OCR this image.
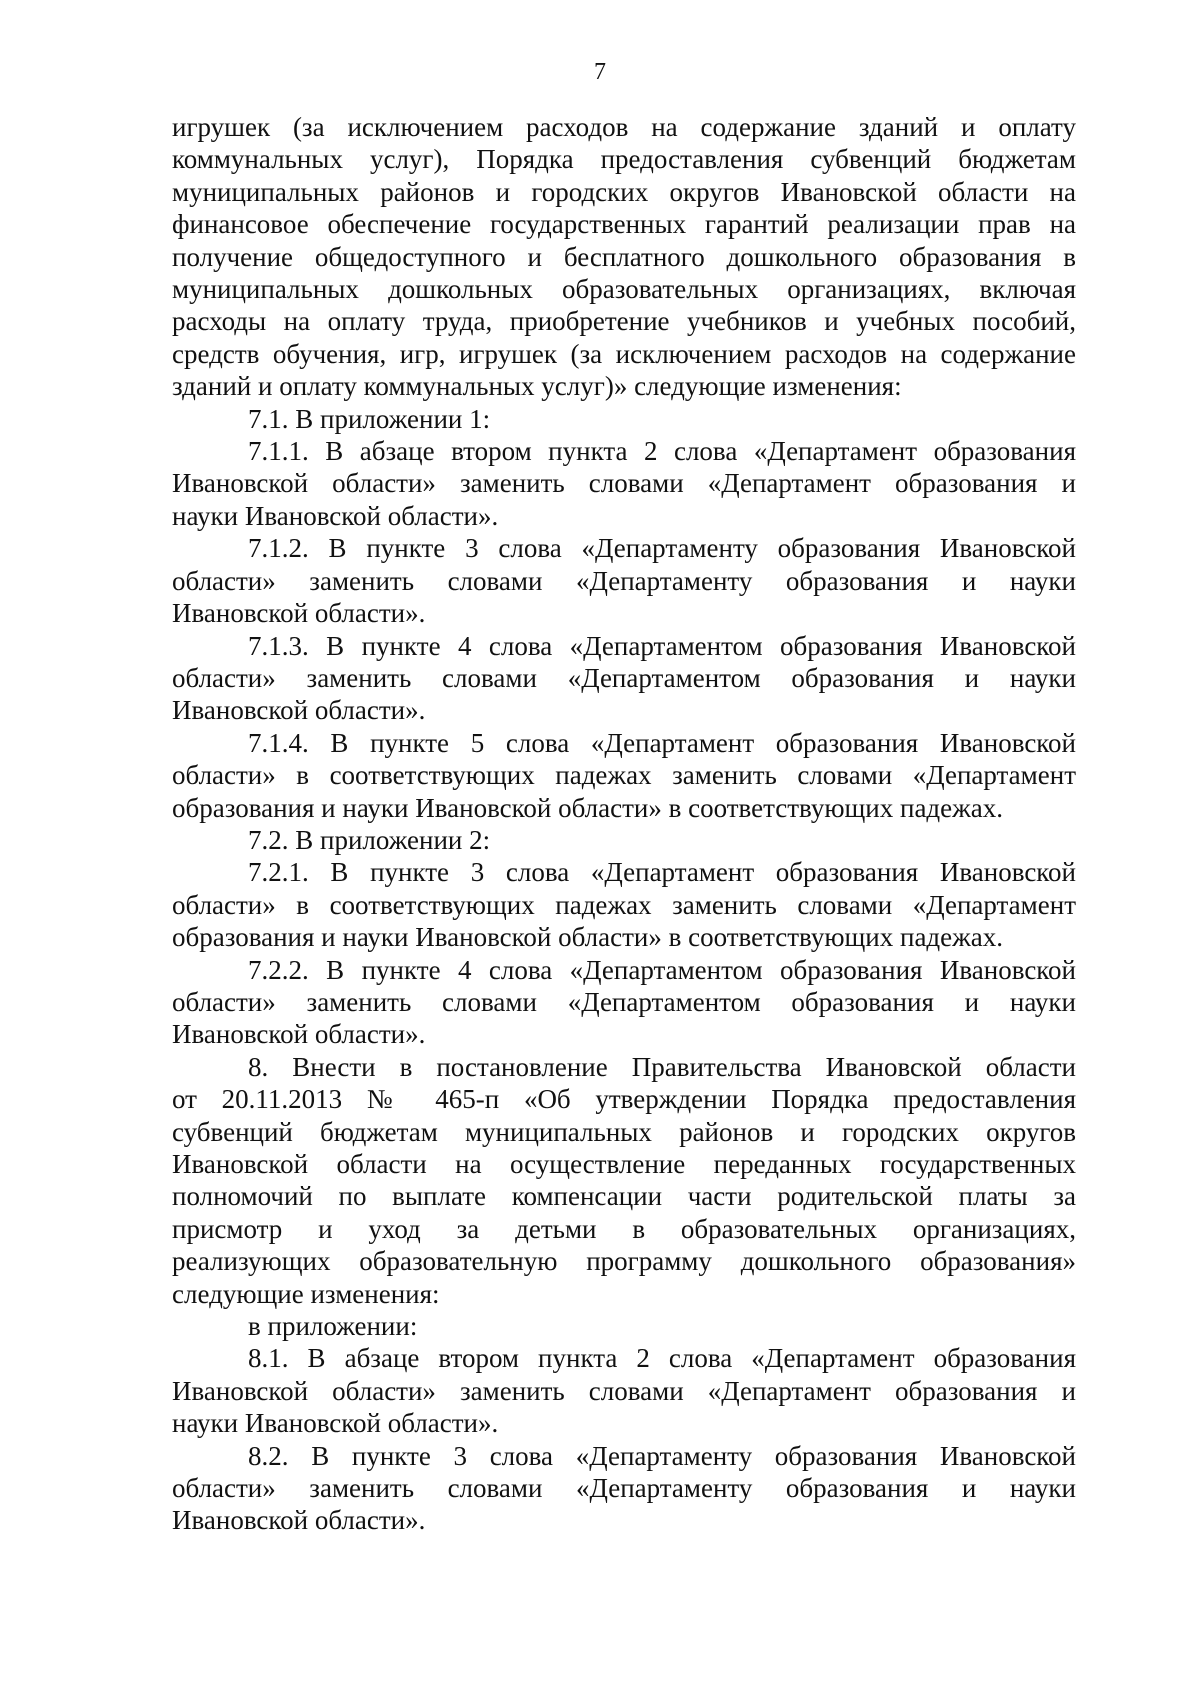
7
игрушек (за исключением расходов на содержание зданий и оплату
коммунальных услуг), Порядка предоставления субвенций бюджетам
муниципальных районов и городских округов Ивановской области на
финансовое обеспечение государственных гарантий реализации прав на
получение общедоступного и бесплатного дошкольного образования в
муниципальных дошкольных образовательных организациях, включая
расходы на оплату труда, приобретение учебников и учебных пособий,
средств обучения, игр, игрушек (за исключением расходов на содержание
зданий и оплату коммунальных услуг)» следующие изменения:
7.1. В приложении 1:
7.1.1. В абзаце втором пункта 2 слова «Департамент образования
Ивановской области» заменить словами «Департамент образования и
науки Ивановской области».
7.1.2. В пункте 3 слова «Департаменту образования Ивановской
области» заменить словами «Департаменту образования и науки
Ивановской области».
7.1.3. В пункте 4 слова «Департаментом образования Ивановской
области» заменить словами «Департаментом образования и науки
Ивановской области».
7.1.4. В пункте 5 слова «Департамент образования Ивановской
области» в соответствующих падежах заменить словами «Департамент
образования и науки Ивановской области» в соответствующих падежах.
7.2. В приложении 2:
7.2.1. В пункте 3 слова «Департамент образования Ивановской
области» в соответствующих падежах заменить словами «Департамент
образования и науки Ивановской области» в соответствующих падежах.
7.2.2. В пункте 4 слова «Департаментом образования Ивановской
области» заменить словами «Департаментом образования и науки
Ивановской области».
8. Внести в постановление Правительства Ивановской области
от 20.11.2013 № 465-п «Об утверждении Порядка предоставления
субвенций бюджетам муниципальных районов и городских округов
Ивановской области на осуществление переданных государственных
полномочий по выплате компенсации части родительской платы за
присмотр и уход за детьми в образовательных организациях,
реализующих образовательную программу дошкольного образования»
следующие изменения:
в приложении:
8.1. В абзаце втором пункта 2 слова «Департамент образования
Ивановской области» заменить словами «Департамент образования и
науки Ивановской области».
8.2. В пункте 3 слова «Департаменту образования Ивановской
области» заменить словами «Департаменту образования и науки
Ивановской области».
